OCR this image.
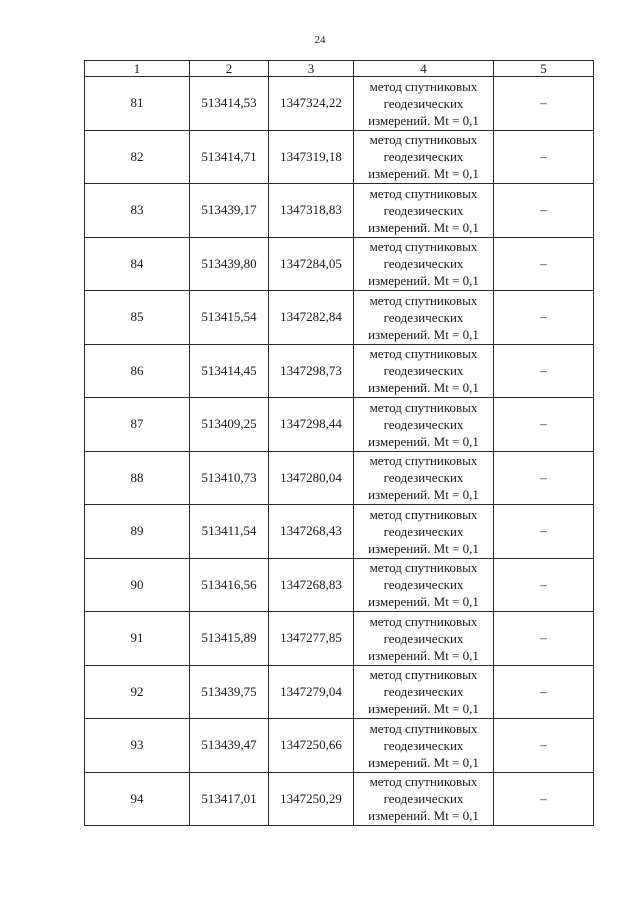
24
1	2	3	4	5
81	513414,53	1347324,22	метод спутниковых
геодезических
измерений. Mt = 0,1	–
82	513414,71	1347319,18	метод спутниковых
геодезических
измерений. Mt = 0,1	–
83	513439,17	1347318,83	метод спутниковых
геодезических
измерений. Mt = 0,1	–
84	513439,80	1347284,05	метод спутниковых
геодезических
измерений. Mt = 0,1	–
85	513415,54	1347282,84	метод спутниковых
геодезических
измерений. Mt = 0,1	–
86	513414,45	1347298,73	метод спутниковых
геодезических
измерений. Mt = 0,1	–
87	513409,25	1347298,44	метод спутниковых
геодезических
измерений. Mt = 0,1	–
88	513410,73	1347280,04	метод спутниковых
геодезических
измерений. Mt = 0,1	–
89	513411,54	1347268,43	метод спутниковых
геодезических
измерений. Mt = 0,1	–
90	513416,56	1347268,83	метод спутниковых
геодезических
измерений. Mt = 0,1	–
91	513415,89	1347277,85	метод спутниковых
геодезических
измерений. Mt = 0,1	–
92	513439,75	1347279,04	метод спутниковых
геодезических
измерений. Mt = 0,1	–
93	513439,47	1347250,66	метод спутниковых
геодезических
измерений. Mt = 0,1	–
94	513417,01	1347250,29	метод спутниковых
геодезических
измерений. Mt = 0,1	–
